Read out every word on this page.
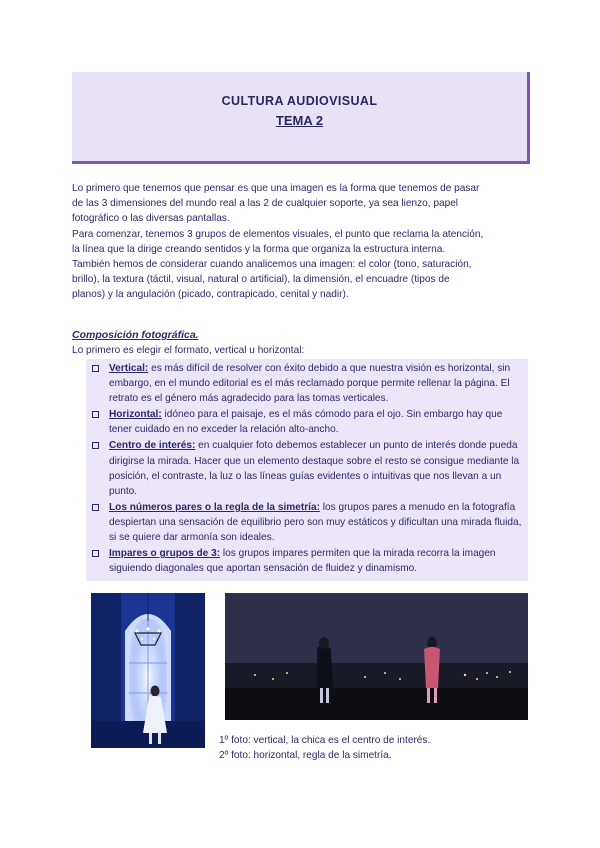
CULTURA AUDIOVISUAL
TEMA 2

Lo primero que tenemos que pensar es que una imagen es la forma que tenemos de pasar

de las 3 dimensiones del mundo real a las 2 de cualquier soporte, ya sea lienzo, papel

fotográfico o las diversas pantallas.

Para comenzar, tenemos 3 grupos de elementos visuales, el punto que reclama la atención,

la línea que la dirige creando sentidos y la forma que organiza la estructura interna.

También hemos de considerar cuando analicemos una imagen: el color (tono, saturación,

brillo), la textura (táctil, visual, natural o artificial), la dimensión, el encuadre (tipos de

planos) y la angulación (picado, contrapicado, cenital y nadir).

Composición fotográfica.
Lo primero es elegir el formato, vertical u horizontal:
Vertical: es más difícil de resolver con éxito debido a que nuestra visión es horizontal, sin embargo, en el mundo editorial es el más reclamado porque permite rellenar la página. El retrato es el género más agradecido para las tomas verticales.
Horizontal: idóneo para el paisaje, es el más cómodo para el ojo. Sin embargo hay que tener cuidado en no exceder la relación alto-ancho.
Centro de interés: en cualquier foto debemos establecer un punto de interés donde pueda dirigirse la mirada. Hacer que un elemento destaque sobre el resto se consigue mediante la posición, el contraste, la luz o las líneas guías evidentes o intuitivas que nos llevan a un punto.
Los números pares o la regla de la simetría: los grupos pares a menudo en la fotografía despiertan una sensación de equilibrio pero son muy estáticos y dificultan una mirada fluida, si se quiere dar armonía son ideales.
Impares o grupos de 3: los grupos impares permiten que la mirada recorra la imagen siguiendo diagonales que aportan sensación de fluidez y dinamismo.

1º foto: vertical, la chica es el centro de interés.

2º foto: horizontal, regla de la simetría.
